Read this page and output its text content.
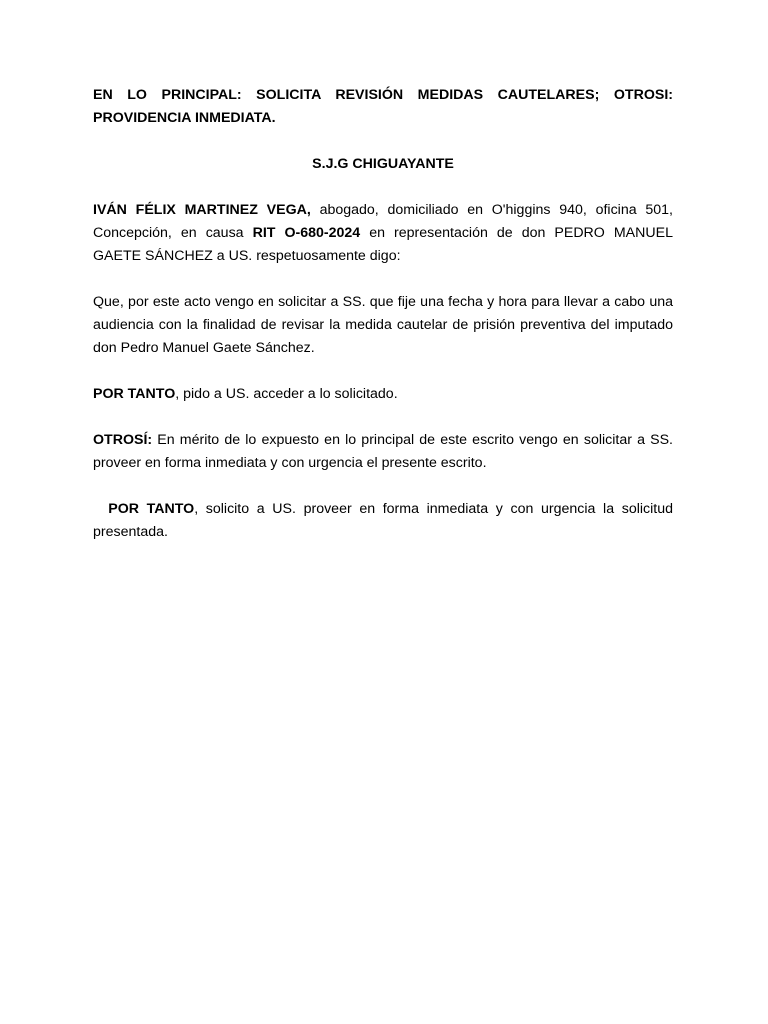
EN LO PRINCIPAL: SOLICITA REVISIÓN MEDIDAS CAUTELARES; OTROSI: PROVIDENCIA INMEDIATA.

S.J.G CHIGUAYANTE

IVÁN FÉLIX MARTINEZ VEGA, abogado, domiciliado en O'higgins 940, oficina 501, Concepción, en causa RIT O-680-2024 en representación de don PEDRO MANUEL GAETE SÁNCHEZ a US. respetuosamente digo:

Que, por este acto vengo en solicitar a SS. que fije una fecha y hora para llevar a cabo una audiencia con la finalidad de revisar la medida cautelar de prisión preventiva del imputado don Pedro Manuel Gaete Sánchez.

POR TANTO, pido a US. acceder a lo solicitado.

OTROSÍ: En mérito de lo expuesto en lo principal de este escrito vengo en solicitar a SS. proveer en forma inmediata y con urgencia el presente escrito.

POR TANTO, solicito a US. proveer en forma inmediata y con urgencia la solicitud presentada.
